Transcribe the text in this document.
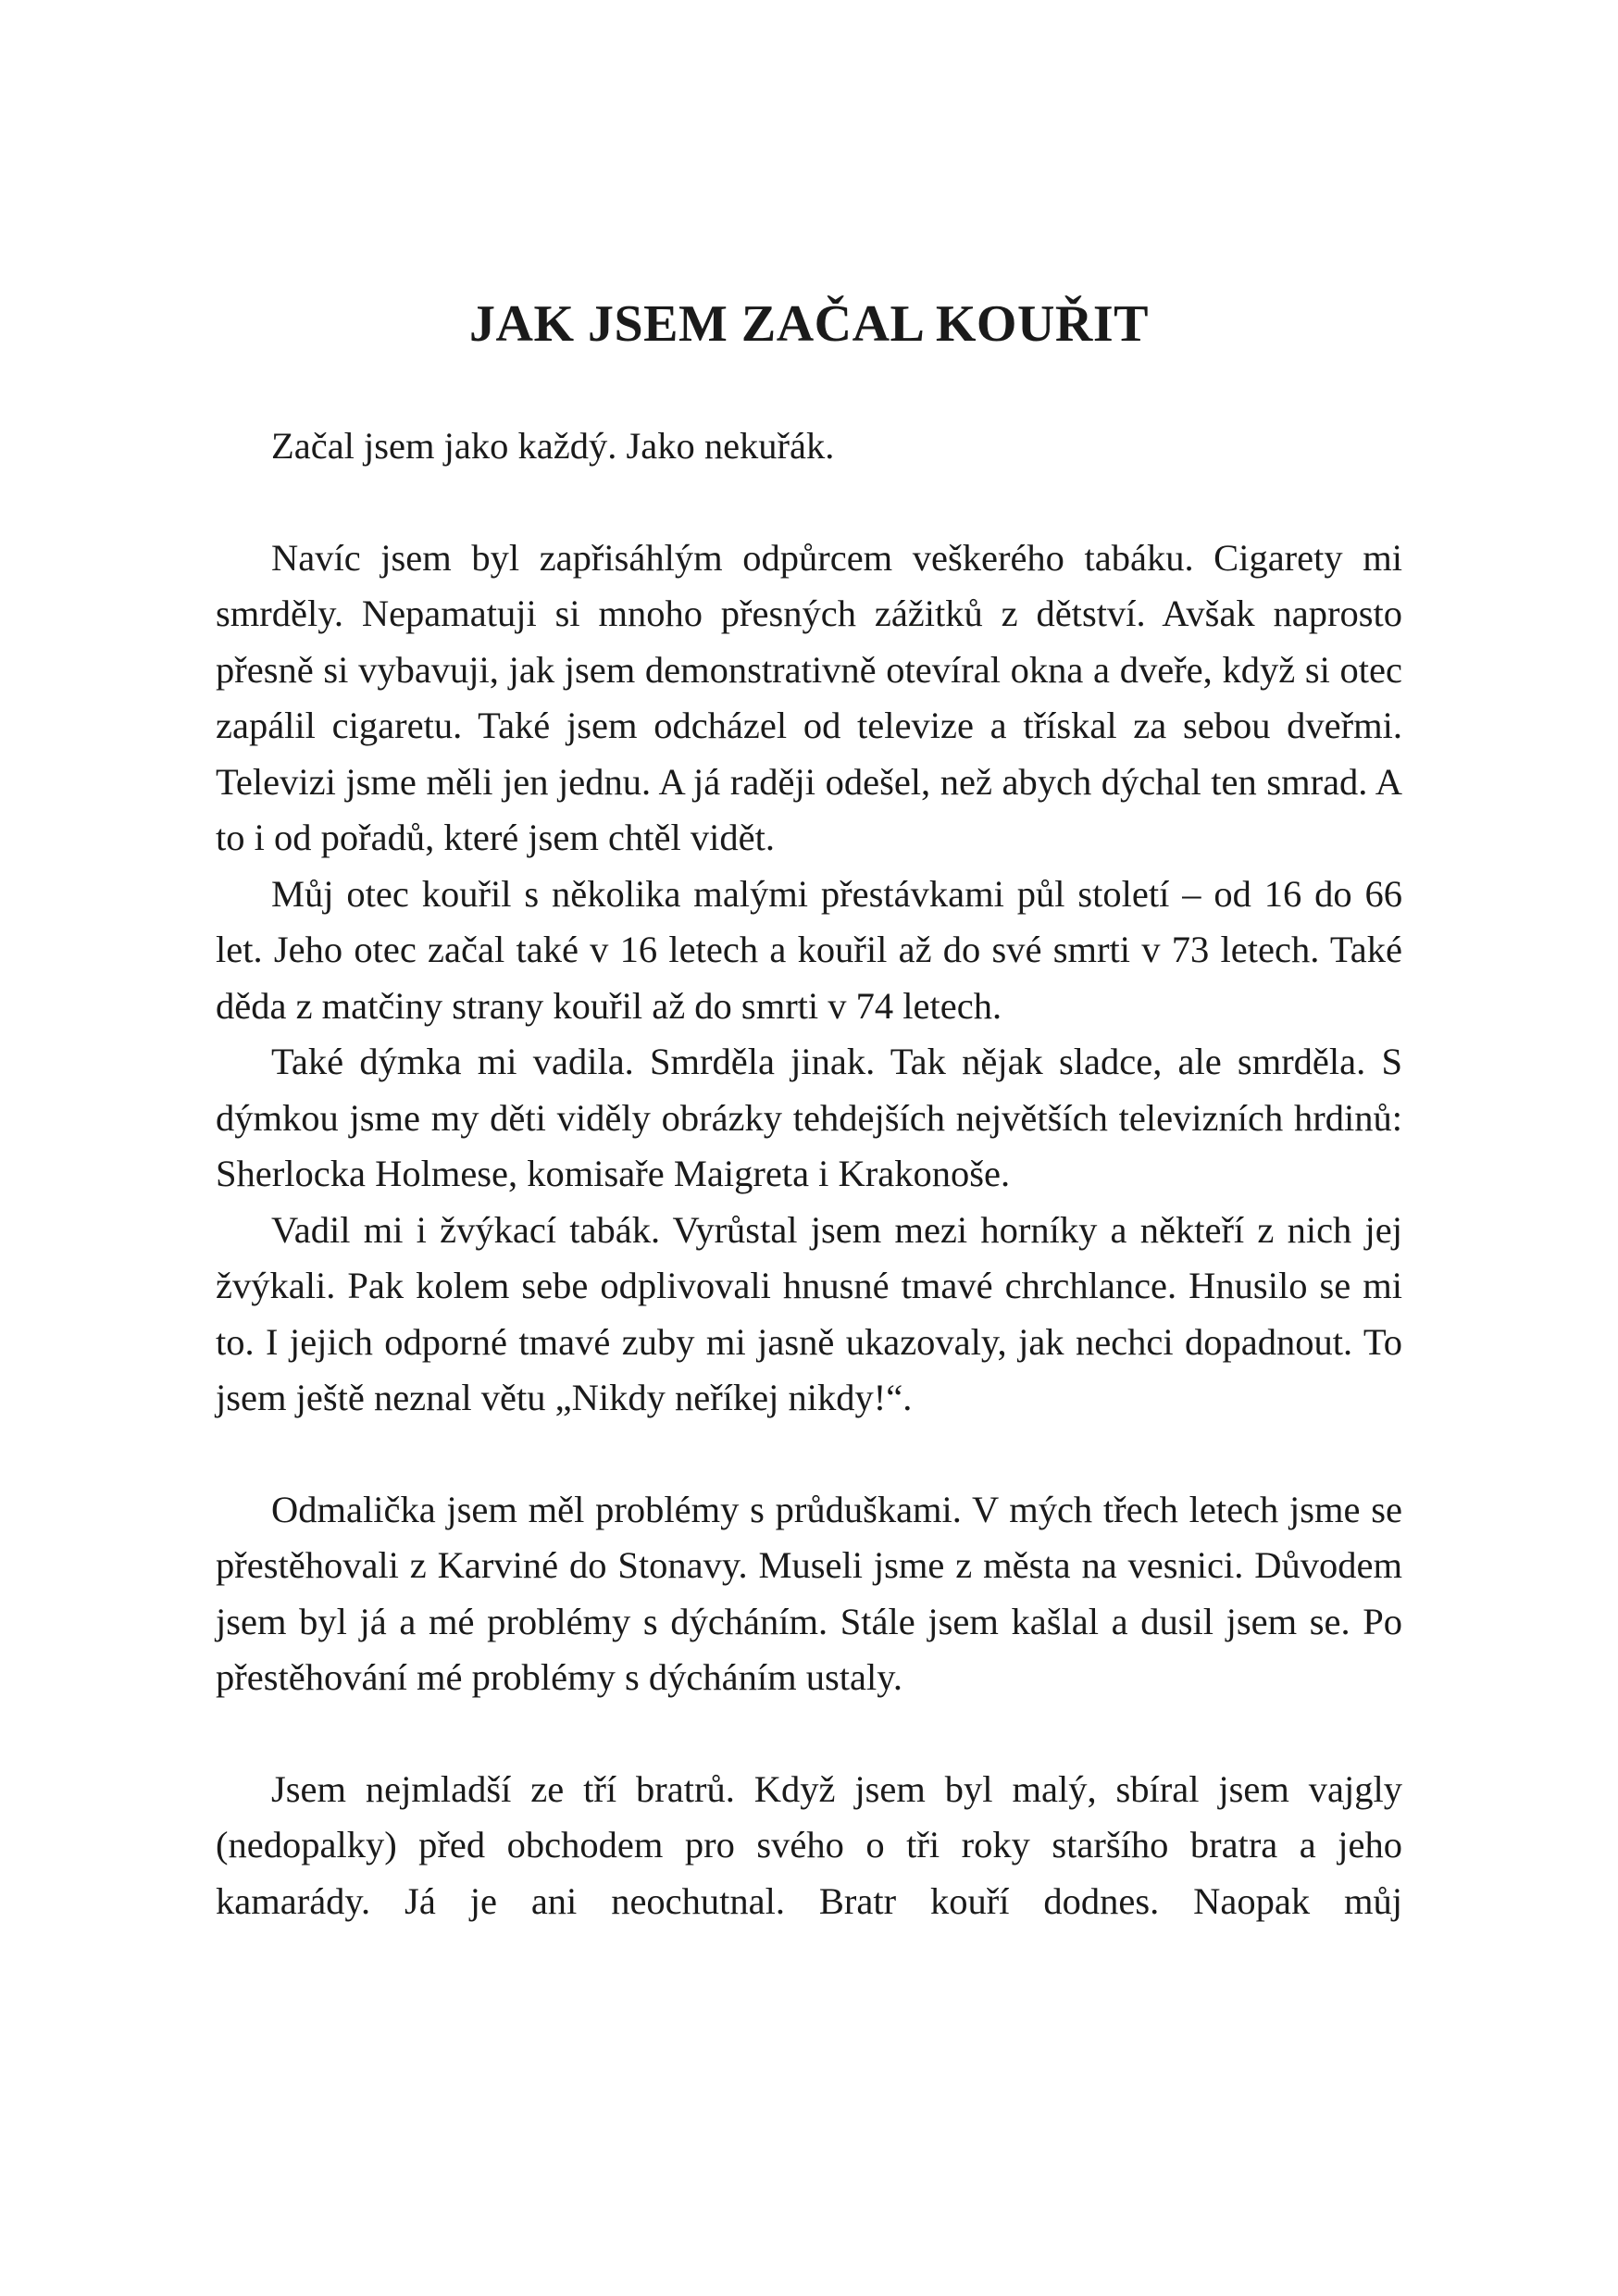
JAK JSEM ZAČAL KOUŘIT

Začal jsem jako každý. Jako nekuřák.

Navíc jsem byl zapřisáhlým odpůrcem veškerého tabáku. Cigarety mi smrděly. Nepamatuji si mnoho přesných zážitků z dětství. Avšak naprosto přesně si vybavuji, jak jsem demonstrativně otevíral okna a dveře, když si otec zapálil cigaretu. Také jsem odcházel od televize a třískal za sebou dveřmi. Televizi jsme měli jen jednu. A já raději odešel, než abych dýchal ten smrad. A to i od pořadů, které jsem chtěl vidět.

Můj otec kouřil s několika malými přestávkami půl století – od 16 do 66 let. Jeho otec začal také v 16 letech a kouřil až do své smrti v 73 letech. Také děda z matčiny strany kouřil až do smrti v 74 letech.

Také dýmka mi vadila. Smrděla jinak. Tak nějak sladce, ale smrděla. S dýmkou jsme my děti viděly obrázky tehdejších největších televizních hrdinů: Sherlocka Holmese, komisaře Maigreta i Krakonoše.

Vadil mi i žvýkací tabák. Vyrůstal jsem mezi horníky a někteří z nich jej žvýkali. Pak kolem sebe odplivovali hnusné tmavé chrchlance. Hnusilo se mi to. I jejich odporné tmavé zuby mi jasně ukazovaly, jak nechci dopadnout. To jsem ještě neznal větu „Nikdy neříkej nikdy!“.

Odmalička jsem měl problémy s průduškami. V mých třech letech jsme se přestěhovali z Karviné do Stonavy. Museli jsme z města na vesnici. Důvodem jsem byl já a mé problémy s dýcháním. Stále jsem kašlal a dusil jsem se. Po přestěhování mé problémy s dýcháním ustaly.

Jsem nejmladší ze tří bratrů. Když jsem byl malý, sbíral jsem vajgly (nedopalky) před obchodem pro svého o tři roky staršího bratra a jeho kamarády. Já je ani neochutnal. Bratr kouří dodnes. Naopak můj
